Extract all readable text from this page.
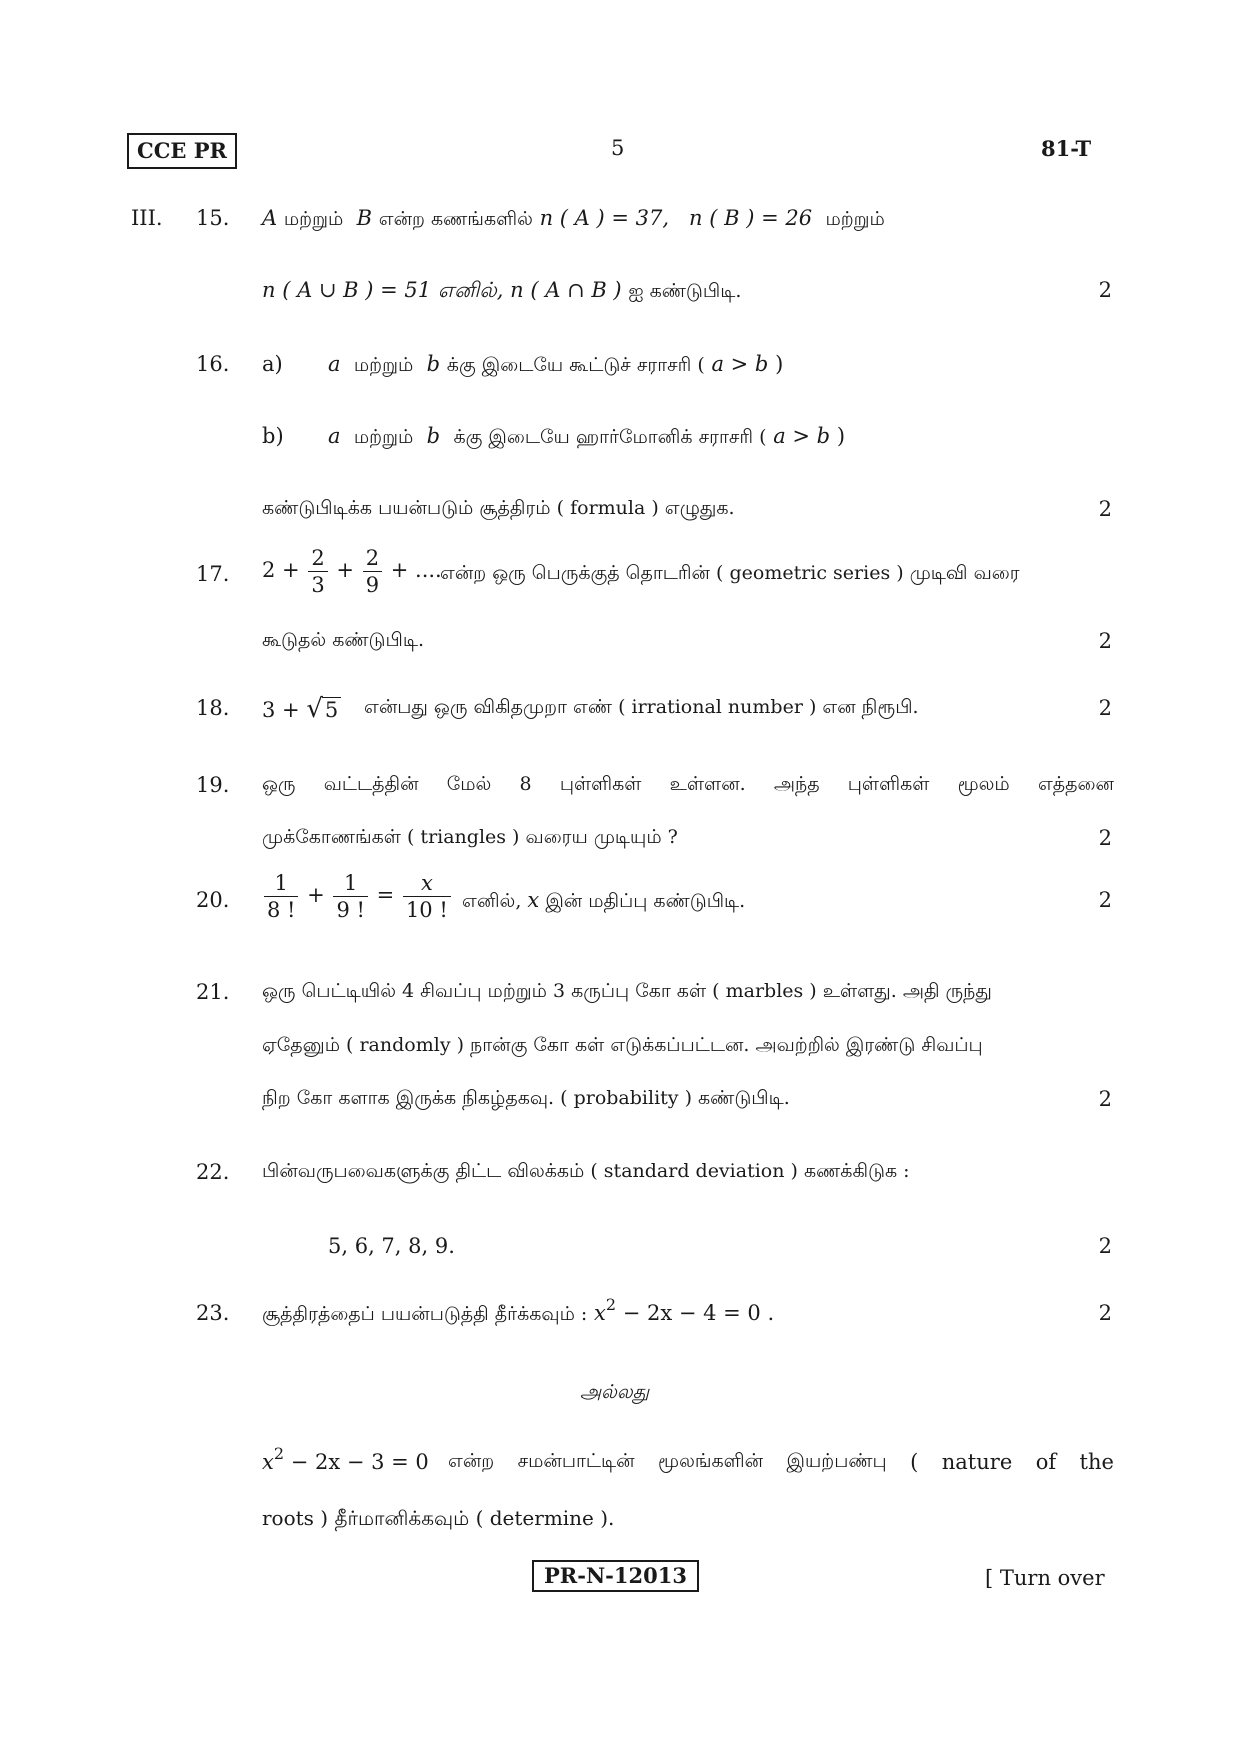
CCE PR	5	81-T
III. 15. A மற்றும் B என்ற கணங்களில் n ( A ) = 37, n ( B ) = 26 மற்றும்
n ( A ∪ B ) = 51 எனில், n ( A ∩ B ) ஐ கண்டுபிடி.	2
16. a) a மற்றும் b க்கு இடையே கூட்டுச் சராசரி ( a > b )
b) a மற்றும் b க்கு இடையே ஹார்மோனிக் சராசரி ( a > b )
கண்டுபிடிக்க பயன்படும் சூத்திரம் ( formula ) எழுதுக.	2
17. $2 + \frac{2}{3} + \frac{2}{9}$ + ....
என்ற ஒரு பெருக்குத் தொடரின் ( geometric series ) முடிவி வரை
கூடுதல் கண்டுபிடி.	2
18. 3 + √5 என்பது ஒரு விகிதமுறா எண் ( irrational number ) என நிரூபி.	2
19. ஒரு வட்டத்தின் மேல் 8 புள்ளிகள் உள்ளன. அந்த புள்ளிகள் மூலம் எத்தனை
முக்கோணங்கள் ( triangles ) வரைய முடியும் ?	2
20. $\frac{1}{8 !} + \frac{1}{9 !} = \frac{x}{10 !}$ எனில், x இன் மதிப்பு கண்டுபிடி.	2
21. ஒரு பெட்டியில் 4 சிவப்பு மற்றும் 3 கருப்பு கோ கள் ( marbles ) உள்ளது. அதி ருந்து
ஏதேனும் ( randomly ) நான்கு கோ கள் எடுக்கப்பட்டன. அவற்றில் இரண்டு சிவப்பு
நிற கோ களாக இருக்க நிகழ்தகவு. ( probability ) கண்டுபிடி.	2
22. பின்வருபவைகளுக்கு திட்ட விலக்கம் ( standard deviation ) கணக்கிடுக :
5, 6, 7, 8, 9.	2
23. சூத்திரத்தைப் பயன்படுத்தி தீர்க்கவும் : $x^2 - 2x - 4 = 0$ .	2
அல்லது
$x^2 - 2x - 3 = 0$ என்ற சமன்பாட்டின் மூலங்களின் இயற்பண்பு ( nature of the
roots ) தீர்மானிக்கவும் ( determine ).
PR-N-12013	[ Turn over
